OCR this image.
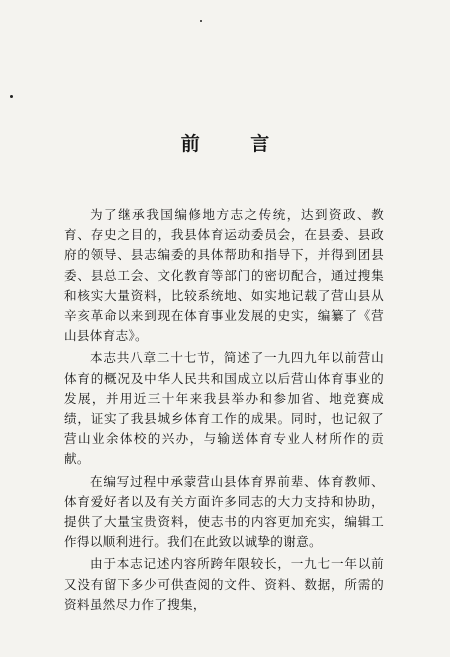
前 言

为了继承我国编修地方志之传统，达到资政、教育、存史之目的，我县体育运动委员会，在县委、县政府的领导、县志编委的具体帮助和指导下，并得到团县委、县总工会、文化教育等部门的密切配合，通过搜集和核实大量资料，比较系统地、如实地记载了营山县从辛亥革命以来到现在体育事业发展的史实，编纂了《营山县体育志》。

本志共八章二十七节，简述了一九四九年以前营山体育的概况及中华人民共和国成立以后营山体育事业的发展，并用近三十年来我县举办和参加省、地竞赛成绩，证实了我县城乡体育工作的成果。同时，也记叙了营山业余体校的兴办，与输送体育专业人材所作的贡献。

在编写过程中承蒙营山县体育界前辈、体育教师、体育爱好者以及有关方面许多同志的大力支持和协助，提供了大量宝贵资料，使志书的内容更加充实，编辑工作得以顺利进行。我们在此致以诚挚的谢意。

由于本志记述内容所跨年限较长，一九七一年以前又没有留下多少可供查阅的文件、资料、数据，所需的资料虽然尽力作了搜集，
